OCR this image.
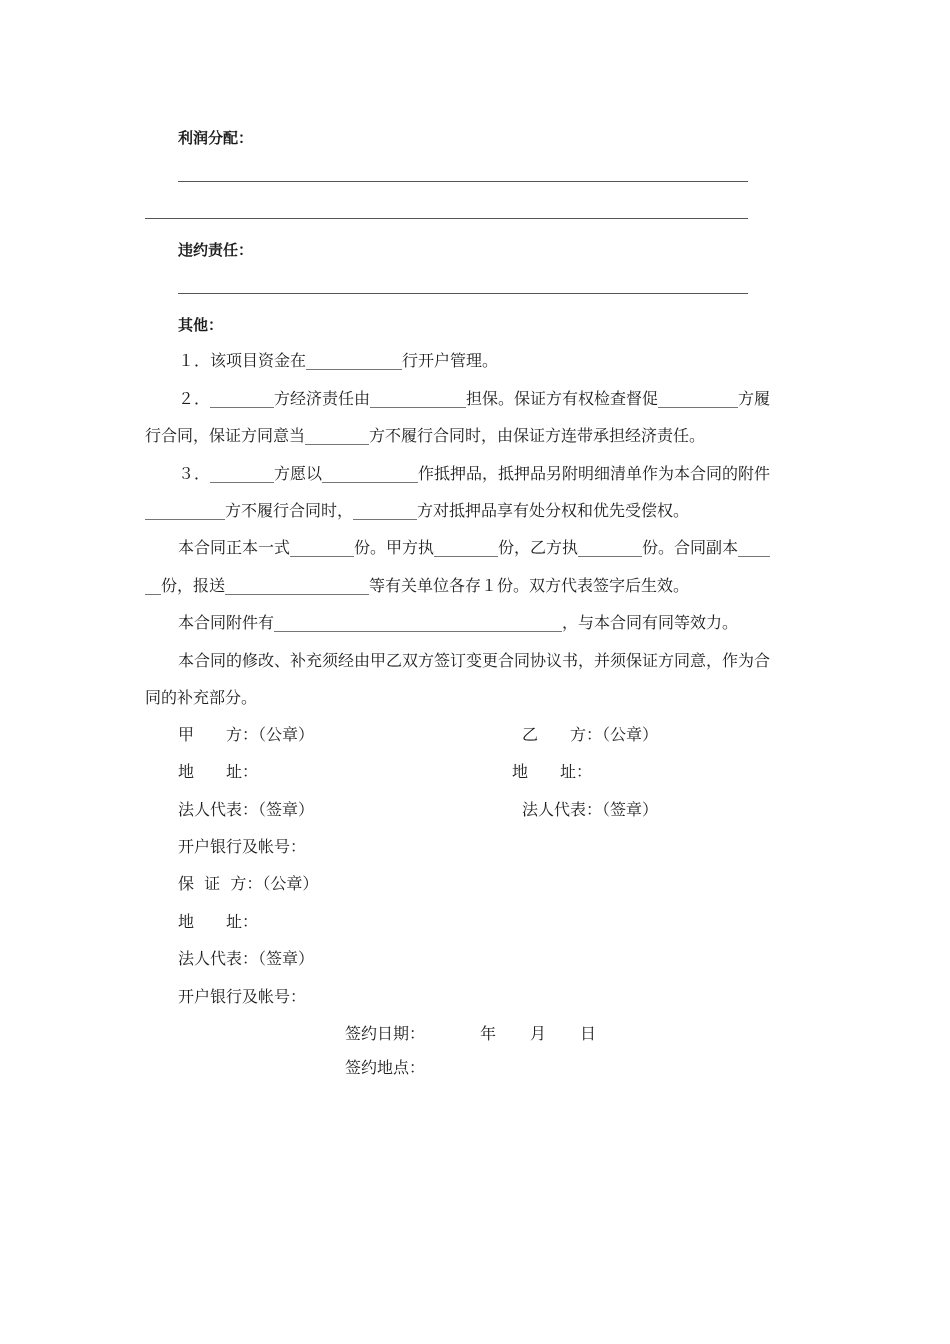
利润分配：
违约责任：
其他：
１．该项目资金在____________行开户管理。
２．________方经济责任由____________担保。保证方有权检查督促__________方履
行合同，保证方同意当________方不履行合同时，由保证方连带承担经济责任。
３．________方愿以____________作抵押品，抵押品另附明细清单作为本合同的附件
__________方不履行合同时，________方对抵押品享有处分权和优先受偿权。
本合同正本一式________份。甲方执________份，乙方执________份。合同副本____
__份，报送__________________等有关单位各存１份。双方代表签字后生效。
本合同附件有____________________________________，与本合同有同等效力。
本合同的修改、补充须经由甲乙双方签订变更合同协议书，并须保证方同意，作为合
同的补充部分。
甲　　方：（公章）	乙　　方：（公章）
地　　址：	地　　址：
法人代表：（签章）	法人代表：（签章）
开户银行及帐号：
保  证  方：（公章）
地　　址：
法人代表：（签章）
开户银行及帐号：
签约日期：	年 月 日
签约地点：
